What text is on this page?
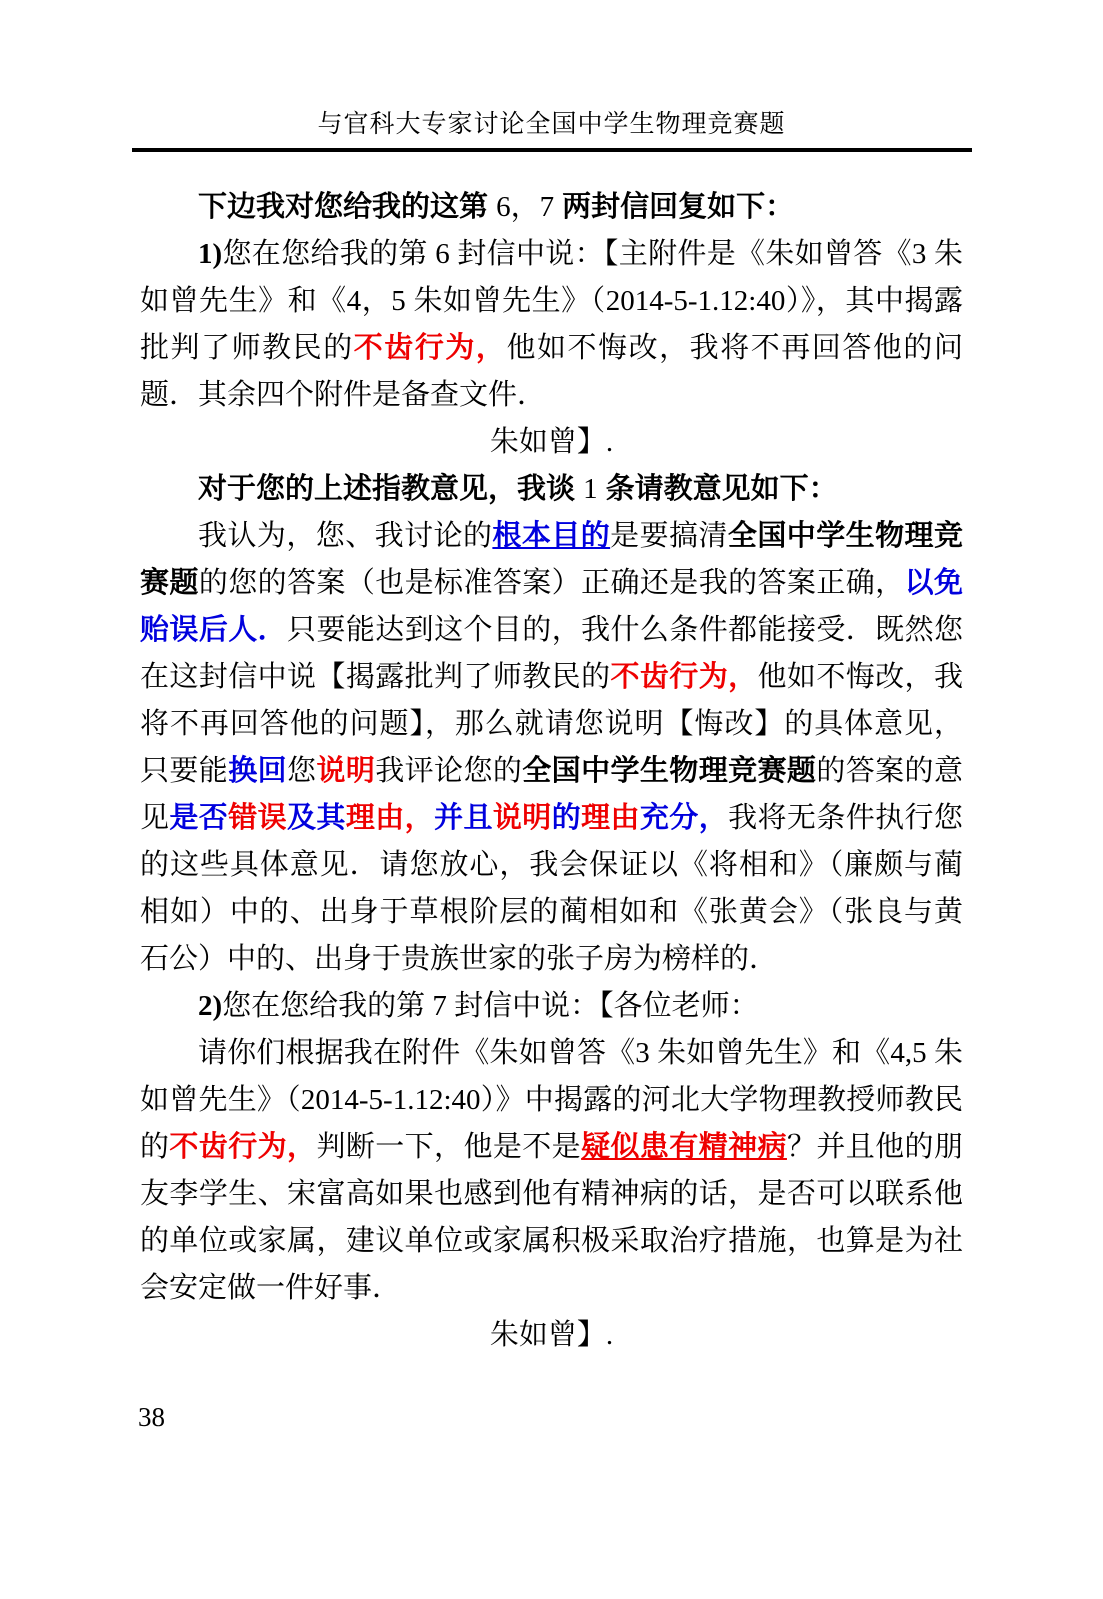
与官科大专家讨论全国中学生物理竞赛题

下边我对您给我的这第 6，7 两封信回复如下：

1)您在您给我的第 6 封信中说：【主附件是《朱如曾答《3 朱如曾先生》和《4，5 朱如曾先生》（2014-5-1.12:40）》，其中揭露批判了师教民的不齿行为，他如不悔改，我将不再回答他的问题．其余四个附件是备查文件．

朱如曾】.

对于您的上述指教意见，我谈 1 条请教意见如下：

我认为，您、我讨论的根本目的是要搞清全国中学生物理竞赛题的您的答案（也是标准答案）正确还是我的答案正确，以免贻误后人．只要能达到这个目的，我什么条件都能接受．既然您在这封信中说【揭露批判了师教民的不齿行为，他如不悔改，我将不再回答他的问题】，那么就请您说明【悔改】的具体意见，只要能换回您说明我评论您的全国中学生物理竞赛题的答案的意见是否错误及其理由，并且说明的理由充分，我将无条件执行您的这些具体意见．请您放心，我会保证以《将相和》（廉颇与蔺相如）中的、出身于草根阶层的蔺相如和《张黄会》（张良与黄石公）中的、出身于贵族世家的张子房为榜样的．

2)您在您给我的第 7 封信中说：【各位老师：

请你们根据我在附件《朱如曾答《3 朱如曾先生》和《4,5 朱如曾先生》（2014-5-1.12:40）》中揭露的河北大学物理教授师教民的不齿行为，判断一下，他是不是疑似患有精神病？并且他的朋友李学生、宋富高如果也感到他有精神病的话，是否可以联系他的单位或家属，建议单位或家属积极采取治疗措施，也算是为社会安定做一件好事．

朱如曾】.

38
